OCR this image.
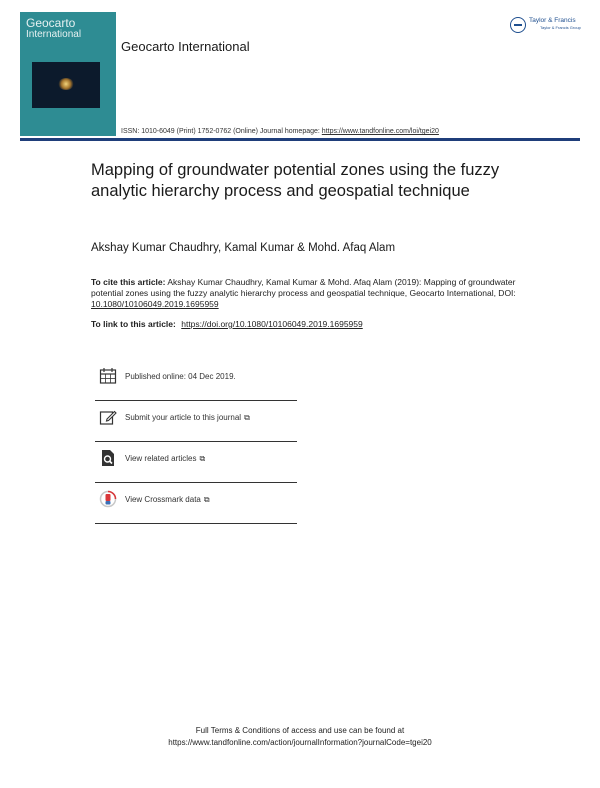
Geocarto
International
Geocarto International
ISSN: 1010-6049 (Print) 1752-0762 (Online) Journal homepage: https://www.tandfonline.com/loi/tgei20
Taylor & Francis
Taylor & Francis Group
Mapping of groundwater potential zones using the fuzzy analytic hierarchy process and geospatial technique
Akshay Kumar Chaudhry, Kamal Kumar & Mohd. Afaq Alam
To cite this article: Akshay Kumar Chaudhry, Kamal Kumar & Mohd. Afaq Alam (2019): Mapping of groundwater potential zones using the fuzzy analytic hierarchy process and geospatial technique, Geocarto International, DOI: 10.1080/10106049.2019.1695959
To link to this article: https://doi.org/10.1080/10106049.2019.1695959
Published online: 04 Dec 2019.
Submit your article to this journal ⧉
View related articles ⧉
View Crossmark data ⧉
Full Terms & Conditions of access and use can be found at
https://www.tandfonline.com/action/journalInformation?journalCode=tgei20
